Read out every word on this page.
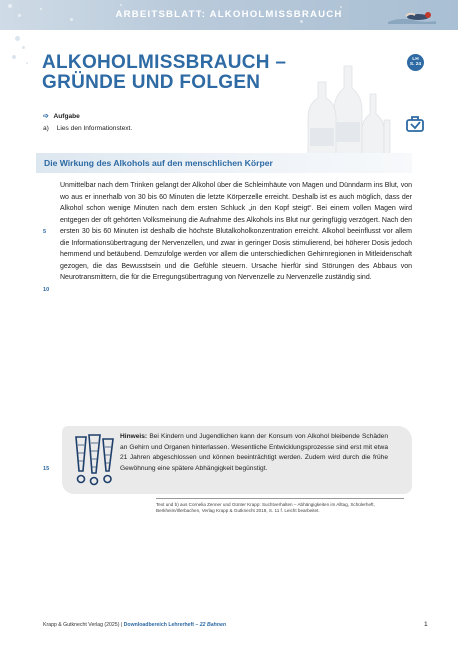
ARBEITSBLATT: ALKOHOLMISSBRAUCH
ALKOHOLMISSBRAUCH –
GRÜNDE UND FOLGEN
LH
S. 24
➩ Aufgabe
a) Lies den Informationstext.
Die Wirkung des Alkohols auf den menschlichen Körper
5
10
Unmittelbar nach dem Trinken gelangt der Alkohol über die Schleimhäute von Magen und Dünndarm ins Blut, von wo aus er innerhalb von 30 bis 60 Minuten die letzte Körperzelle erreicht. Deshalb ist es auch möglich, dass der Alkohol schon wenige Minuten nach dem ersten Schluck „in den Kopf steigt“. Bei einem vollen Magen wird entgegen der oft gehörten Volksmeinung die Aufnahme des Alkohols ins Blut nur geringfügig verzögert. Nach den ersten 30 bis 60 Minuten ist deshalb die höchste Blutalkoholkonzentration erreicht. Alkohol beeinflusst vor allem die Informationsübertragung der Nervenzellen, und zwar in geringer Dosis stimulierend, bei höherer Dosis jedoch hemmend und betäubend. Demzufolge werden vor allem die unterschiedlichen Gehirnregionen in Mitleidenschaft gezogen, die das Bewusstsein und die Gefühle steuern. Ursache hierfür sind Störungen des Abbaus von Neurotransmittern, die für die Erregungsübertragung von Nervenzelle zu Nervenzelle zuständig sind.
15
Hinweis: Bei Kindern und Jugendlichen kann der Konsum von Alkohol bleibende Schäden an Gehirn und Organen hinterlassen. Wesentliche Entwicklungsprozesse sind erst mit etwa 21 Jahren abgeschlossen und können beeinträchtigt werden. Zudem wird durch die frühe Gewöhnung eine spätere Abhängigkeit begünstigt.
Text und b) aus Cornelia Zenner und Günter Krapp: Suchtverhalten – Abhängigkeiten im Alltag, Schülerheft, Berkheim/Illerbachen, Verlag Krapp & Gutknecht 2018, S. 11 f. Leicht bearbeitet.
Krapp & Gutknecht Verlag (2025) | Downloadbereich Lehrerheft – 22 Bahnen	1
